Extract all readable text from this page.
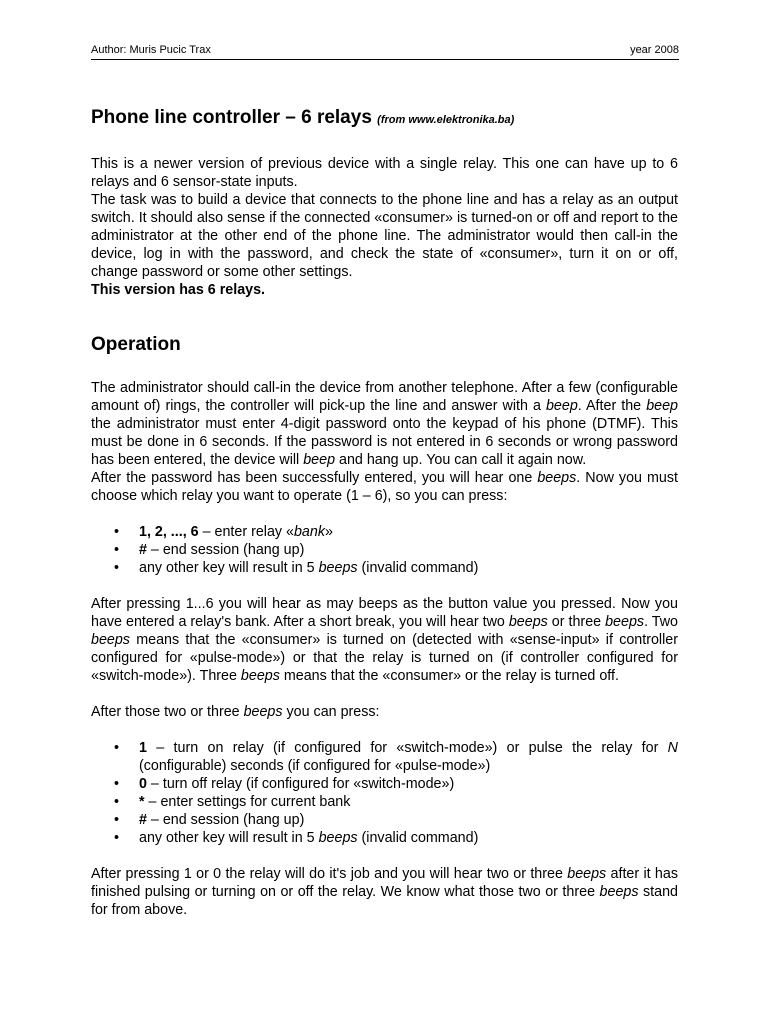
Author: Muris Pucic Trax	year 2008
Phone line controller – 6 relays (from www.elektronika.ba)

This is a newer version of previous device with a single relay. This one can have up to 6 relays and 6 sensor-state inputs.

The task was to build a device that connects to the phone line and has a relay as an output switch. It should also sense if the connected «consumer» is turned-on or off and report to the administrator at the other end of the phone line. The administrator would then call-in the device, log in with the password, and check the state of «consumer», turn it on or off, change password or some other settings.

This version has 6 relays.

Operation

The administrator should call-in the device from another telephone. After a few (configurable amount of) rings, the controller will pick-up the line and answer with a beep. After the beep the administrator must enter 4-digit password onto the keypad of his phone (DTMF). This must be done in 6 seconds. If the password is not entered in 6 seconds or wrong password has been entered, the device will beep and hang up. You can call it again now.

After the password has been successfully entered, you will hear one beeps. Now you must choose which relay you want to operate (1 – 6), so you can press:

• 1, 2, ..., 6 – enter relay «bank»
• # – end session (hang up)
• any other key will result in 5 beeps (invalid command)

After pressing 1...6 you will hear as may beeps as the button value you pressed. Now you have entered a relay's bank. After a short break, you will hear two beeps or three beeps. Two beeps means that the «consumer» is turned on (detected with «sense-input» if controller configured for «pulse-mode») or that the relay is turned on (if controller configured for «switch-mode»). Three beeps means that the «consumer» or the relay is turned off.

After those two or three beeps you can press:

• 1 – turn on relay (if configured for «switch-mode») or pulse the relay for N (configurable) seconds (if configured for «pulse-mode»)
• 0 – turn off relay (if configured for «switch-mode»)
• * – enter settings for current bank
• # – end session (hang up)
• any other key will result in 5 beeps (invalid command)

After pressing 1 or 0 the relay will do it's job and you will hear two or three beeps after it has finished pulsing or turning on or off the relay. We know what those two or three beeps stand for from above.
